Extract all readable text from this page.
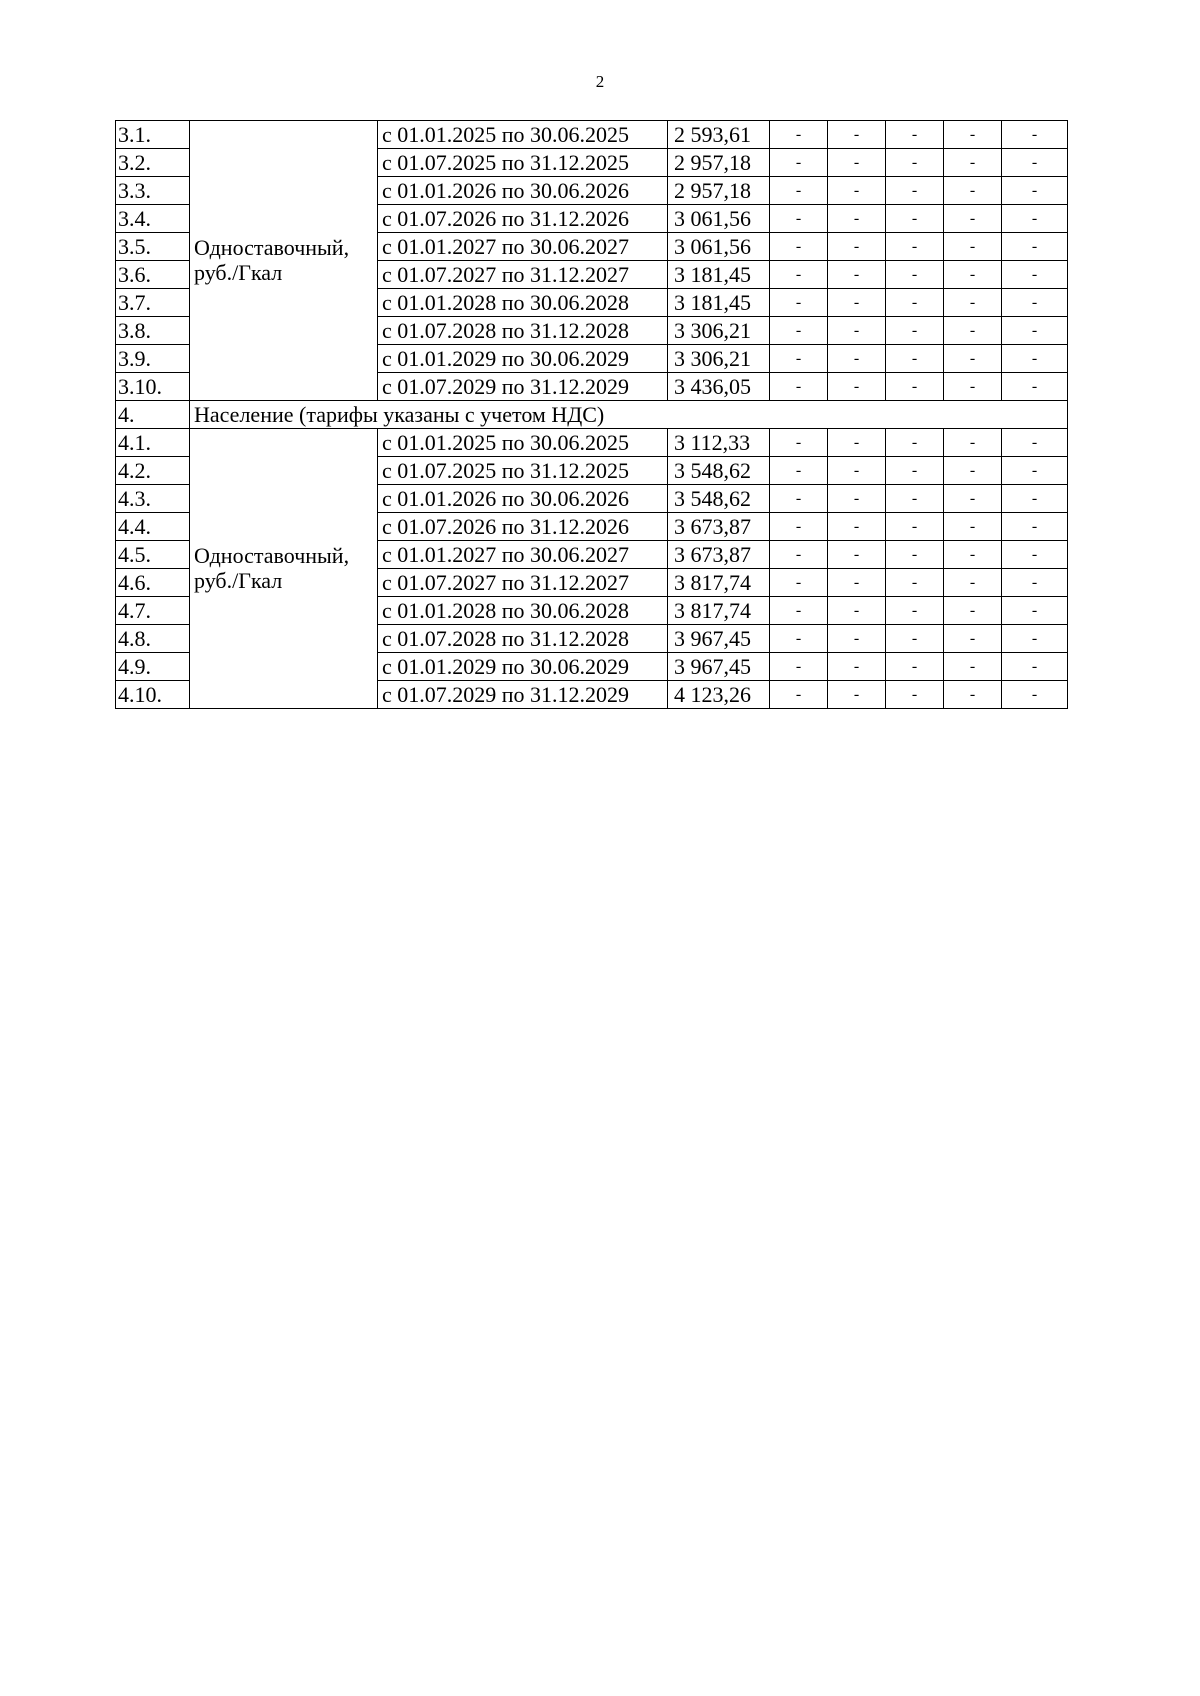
2
3.1.	Одноставочный, руб./Гкал	с 01.01.2025 по 30.06.2025	2 593,61	-	-	-	-	-
3.2.		с 01.07.2025 по 31.12.2025	2 957,18	-	-	-	-	-
3.3.		с 01.01.2026 по 30.06.2026	2 957,18	-	-	-	-	-
3.4.		с 01.07.2026 по 31.12.2026	3 061,56	-	-	-	-	-
3.5.		с 01.01.2027 по 30.06.2027	3 061,56	-	-	-	-	-
3.6.		с 01.07.2027 по 31.12.2027	3 181,45	-	-	-	-	-
3.7.		с 01.01.2028 по 30.06.2028	3 181,45	-	-	-	-	-
3.8.		с 01.07.2028 по 31.12.2028	3 306,21	-	-	-	-	-
3.9.		с 01.01.2029 по 30.06.2029	3 306,21	-	-	-	-	-
3.10.		с 01.07.2029 по 31.12.2029	3 436,05	-	-	-	-	-
4.	Население (тарифы указаны с учетом НДС)							
4.1.	Одноставочный, руб./Гкал	с 01.01.2025 по 30.06.2025	3 112,33	-	-	-	-	-
4.2.		с 01.07.2025 по 31.12.2025	3 548,62	-	-	-	-	-
4.3.		с 01.01.2026 по 30.06.2026	3 548,62	-	-	-	-	-
4.4.		с 01.07.2026 по 31.12.2026	3 673,87	-	-	-	-	-
4.5.		с 01.01.2027 по 30.06.2027	3 673,87	-	-	-	-	-
4.6.		с 01.07.2027 по 31.12.2027	3 817,74	-	-	-	-	-
4.7.		с 01.01.2028 по 30.06.2028	3 817,74	-	-	-	-	-
4.8.		с 01.07.2028 по 31.12.2028	3 967,45	-	-	-	-	-
4.9.		с 01.01.2029 по 30.06.2029	3 967,45	-	-	-	-	-
4.10.		с 01.07.2029 по 31.12.2029	4 123,26	-	-	-	-	-
